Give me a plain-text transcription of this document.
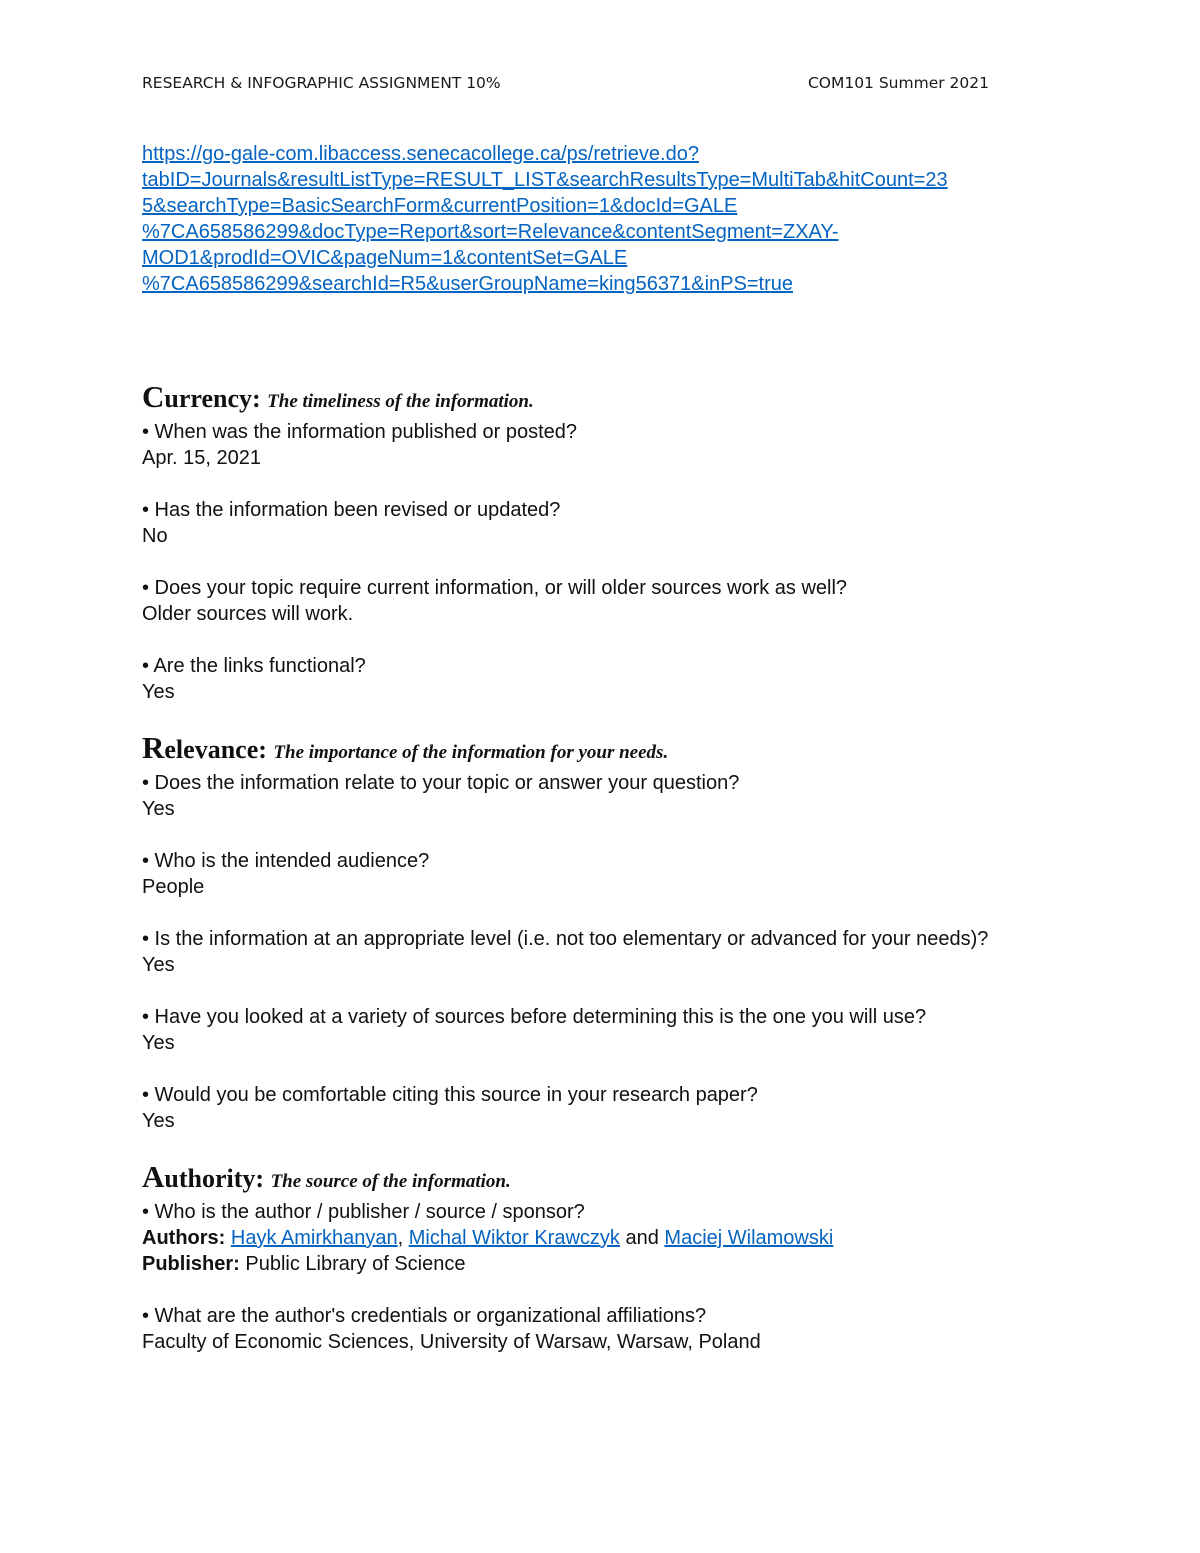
RESEARCH & INFOGRAPHIC ASSIGNMENT 10%	COM101 Summer 2021
https://go-gale-com.libaccess.senecacollege.ca/ps/retrieve.do?
tabID=Journals&resultListType=RESULT_LIST&searchResultsType=MultiTab&hitCount=23
5&searchType=BasicSearchForm&currentPosition=1&docId=GALE
%7CA658586299&docType=Report&sort=Relevance&contentSegment=ZXAY-
MOD1&prodId=OVIC&pageNum=1&contentSet=GALE
%7CA658586299&searchId=R5&userGroupName=king56371&inPS=true
Currency: The timeliness of the information.

• When was the information published or posted?

Apr. 15, 2021

• Has the information been revised or updated?

No

• Does your topic require current information, or will older sources work as well?

Older sources will work.

• Are the links functional?

Yes

Relevance: The importance of the information for your needs.

• Does the information relate to your topic or answer your question?

Yes

• Who is the intended audience?

People

• Is the information at an appropriate level (i.e. not too elementary or advanced for your needs)?

Yes

• Have you looked at a variety of sources before determining this is the one you will use?

Yes

• Would you be comfortable citing this source in your research paper?

Yes

Authority: The source of the information.

• Who is the author / publisher / source / sponsor?

Authors: Hayk Amirkhanyan, Michal Wiktor Krawczyk and Maciej Wilamowski

Publisher: Public Library of Science

• What are the author's credentials or organizational affiliations?

Faculty of Economic Sciences, University of Warsaw, Warsaw, Poland
